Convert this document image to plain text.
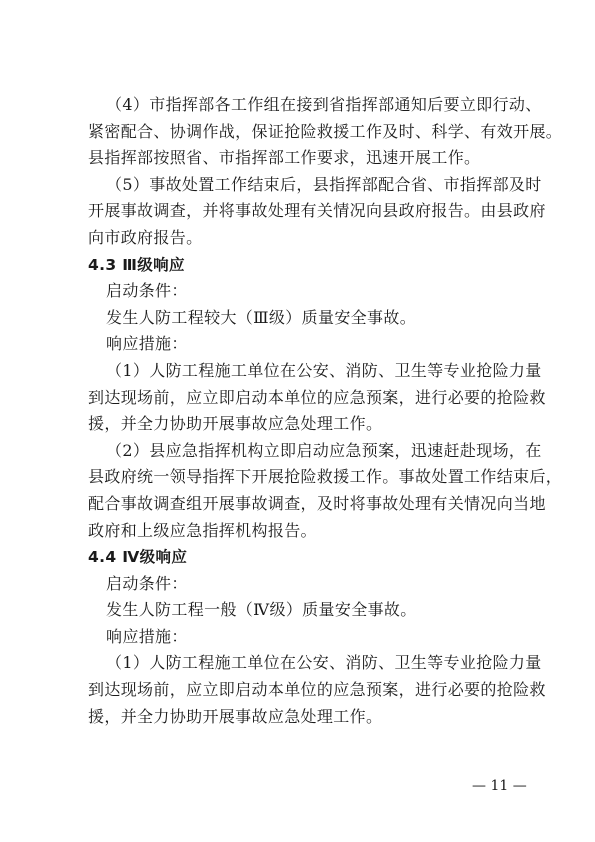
（4）市指挥部各工作组在接到省指挥部通知后要立即行动、
紧密配合、协调作战，保证抢险救援工作及时、科学、有效开展。
县指挥部按照省、市指挥部工作要求，迅速开展工作。
（5）事故处置工作结束后，县指挥部配合省、市指挥部及时
开展事故调查，并将事故处理有关情况向县政府报告。由县政府
向市政府报告。
4.3 Ⅲ级响应
启动条件：
发生人防工程较大（Ⅲ级）质量安全事故。
响应措施：
（1）人防工程施工单位在公安、消防、卫生等专业抢险力量
到达现场前，应立即启动本单位的应急预案，进行必要的抢险救
援，并全力协助开展事故应急处理工作。
（2）县应急指挥机构立即启动应急预案，迅速赶赴现场，在
县政府统一领导指挥下开展抢险救援工作。事故处置工作结束后，
配合事故调查组开展事故调查，及时将事故处理有关情况向当地
政府和上级应急指挥机构报告。
4.4 Ⅳ级响应
启动条件：
发生人防工程一般（Ⅳ级）质量安全事故。
响应措施：
（1）人防工程施工单位在公安、消防、卫生等专业抢险力量
到达现场前，应立即启动本单位的应急预案，进行必要的抢险救
援，并全力协助开展事故应急处理工作。
— 11 —
